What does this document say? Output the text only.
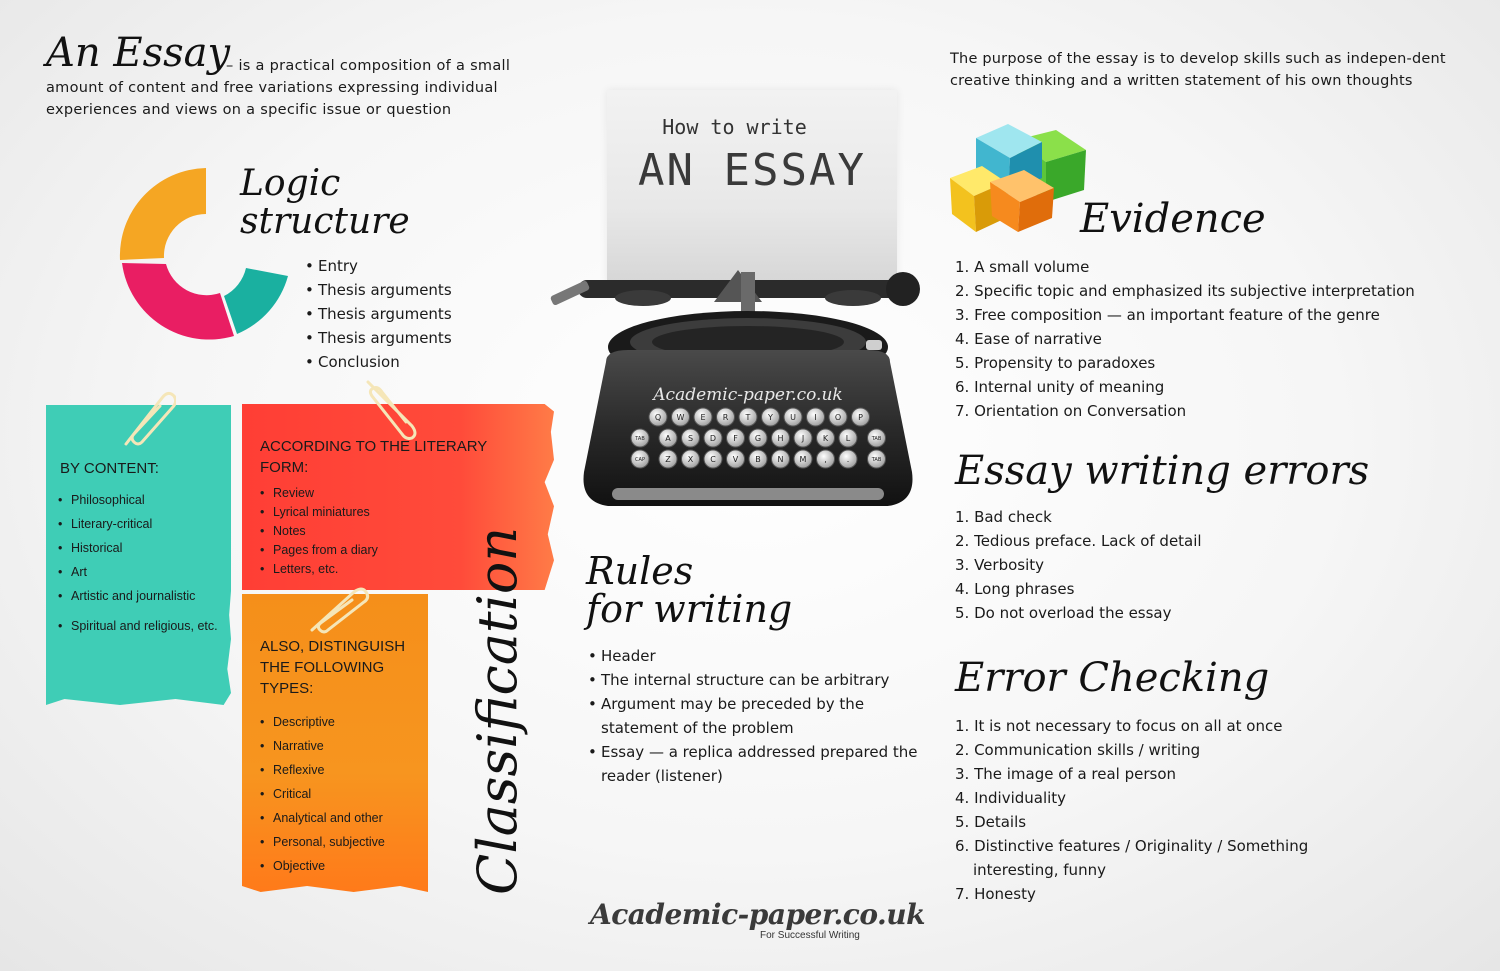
An Essay
– is a practical composition of a small amount of content and free variations expressing individual experiences and views on a specific issue or question
The purpose of the essay is to develop skills such as indepen-dent creative thinking and a written statement of his own thoughts
How to write
AN ESSAY
Academic-paper.co.uk
Q W E R T Y U I O P
A S D F G H J K L
TAB	TAB
Z X C V B N M , .
CAP	TAB
Logic
structure
• Entry
• Thesis arguments
• Thesis arguments
• Thesis arguments
• Conclusion
BY CONTENT:
• Philosophical
• Literary-critical
• Historical
• Art
• Artistic and journalistic
• Spiritual and religious, etc.
ACCORDING TO THE LITERARY FORM:
• Review
• Lyrical miniatures
• Notes
• Pages from a diary
• Letters, etc.
ALSO, DISTINGUISH THE FOLLOWING TYPES:
• Descriptive
• Narrative
• Reflexive
• Critical
• Analytical and other
• Personal, subjective
• Objective	Classification Rules
for writing
• Header
• The internal structure can be arbitrary
• Argument may be preceded by the statement of the problem
• Essay — a replica addressed prepared the reader (listener)
Evidence
1. A small volume
2. Specific topic and emphasized its subjective interpretation
3. Free composition — an important feature of the genre
4. Ease of narrative
5. Propensity to paradoxes
6. Internal unity of meaning
7. Orientation on Conversation
Essay writing errors
1. Bad check
2. Tedious preface. Lack of detail
3. Verbosity
4. Long phrases
5. Do not overload the essay
Error Checking
1. It is not necessary to focus on all at once
2. Communication skills / writing
3. The image of a real person
4. Individuality
5. Details
6. Distinctive features / Originality / Something
interesting, funny
7. Honesty
Academic-paper.co.uk
For Successful Writing
